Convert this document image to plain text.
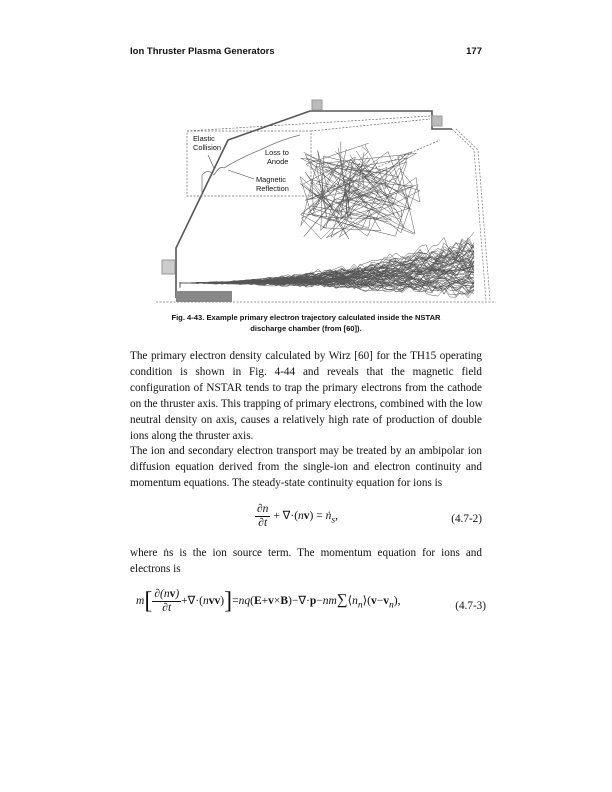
Ion Thruster Plasma Generators	177
Elastic
Collision
Loss to
Anode
Magnetic
Reflection
Fig. 4-43. Example primary electron trajectory calculated inside the NSTAR
discharge chamber (from [60]).
The primary electron density calculated by Wirz [60] for the TH15 operating
condition is shown in Fig. 4-44 and reveals that the magnetic field
configuration of NSTAR tends to trap the primary electrons from the cathode
on the thruster axis. This trapping of primary electrons, combined with the low
neutral density on axis, causes a relatively high rate of production of double
ions along the thruster axis.
The ion and secondary electron transport may be treated by an ambipolar ion
diffusion equation derived from the single-ion and electron continuity and
momentum equations. The steady-state continuity equation for ions is
$\frac{\partial n}{\partial t} + \nabla\cdot(nv)$ = ṅ$_s$,	(4.7-2)
where ṅs is the ion source term. The momentum equation for ions and
electrons is
$m[ \frac{\partial(nv)}{\partial t}$ $+\nabla\cdot(nvv)]=nq(E+v\times B)-\nabla\cdot p-nm\sum⟨n_n⟩(v-v_n)$,	(4.7-3)
